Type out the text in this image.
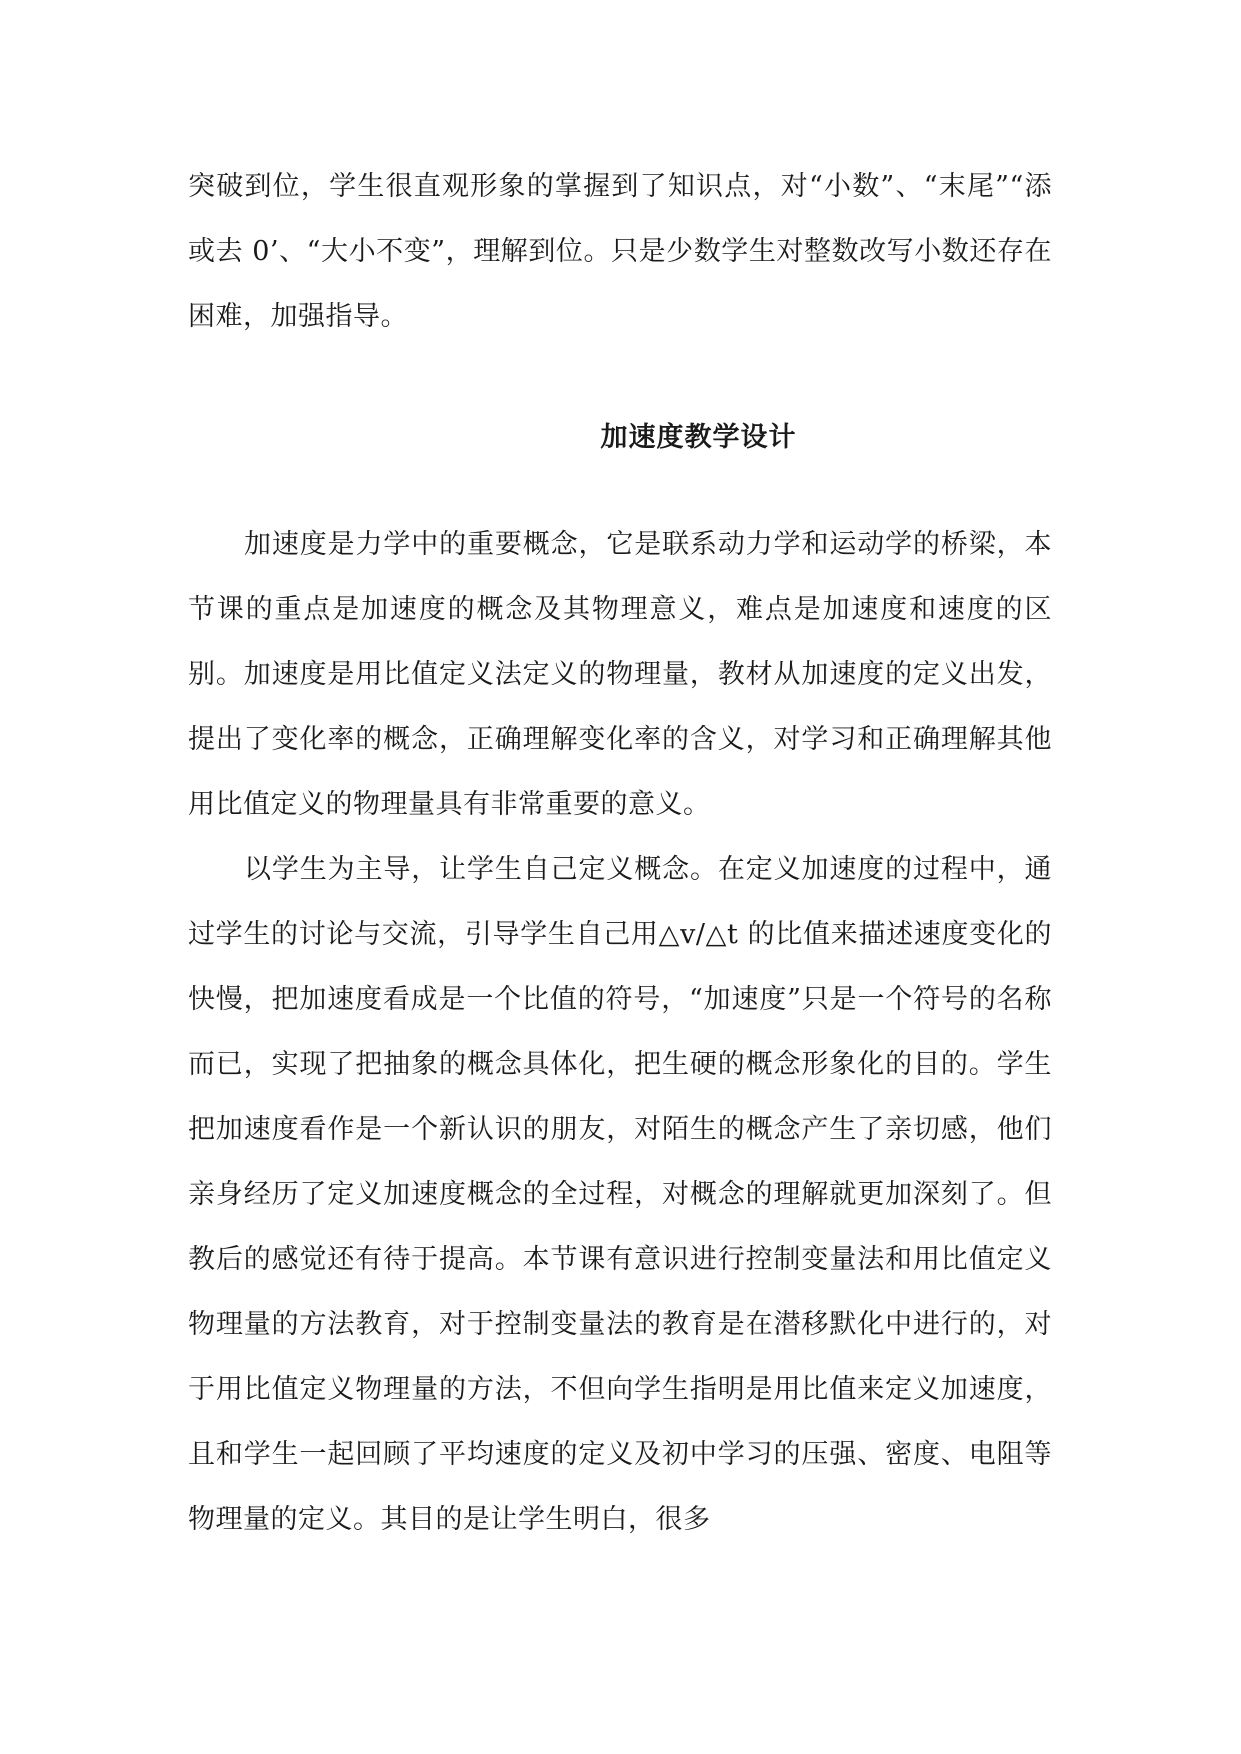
突破到位，学生很直观形象的掌握到了知识点，对“小数”、“末尾”“添或去 0’、“大小不变”，理解到位。只是少数学生对整数改写小数还存在困难，加强指导。

加速度教学设计

加速度是力学中的重要概念，它是联系动力学和运动学的桥梁，本节课的重点是加速度的概念及其物理意义，难点是加速度和速度的区别。加速度是用比值定义法定义的物理量，教材从加速度的定义出发，提出了变化率的概念，正确理解变化率的含义，对学习和正确理解其他用比值定义的物理量具有非常重要的意义。

以学生为主导，让学生自己定义概念。在定义加速度的过程中，通过学生的讨论与交流，引导学生自己用△v/△t 的比值来描述速度变化的快慢，把加速度看成是一个比值的符号，“加速度”只是一个符号的名称而已，实现了把抽象的概念具体化，把生硬的概念形象化的目的。学生把加速度看作是一个新认识的朋友，对陌生的概念产生了亲切感，他们亲身经历了定义加速度概念的全过程，对概念的理解就更加深刻了。但教后的感觉还有待于提高。本节课有意识进行控制变量法和用比值定义物理量的方法教育，对于控制变量法的教育是在潜移默化中进行的，对于用比值定义物理量的方法，不但向学生指明是用比值来定义加速度，且和学生一起回顾了平均速度的定义及初中学习的压强、密度、电阻等物理量的定义。其目的是让学生明白，很多
